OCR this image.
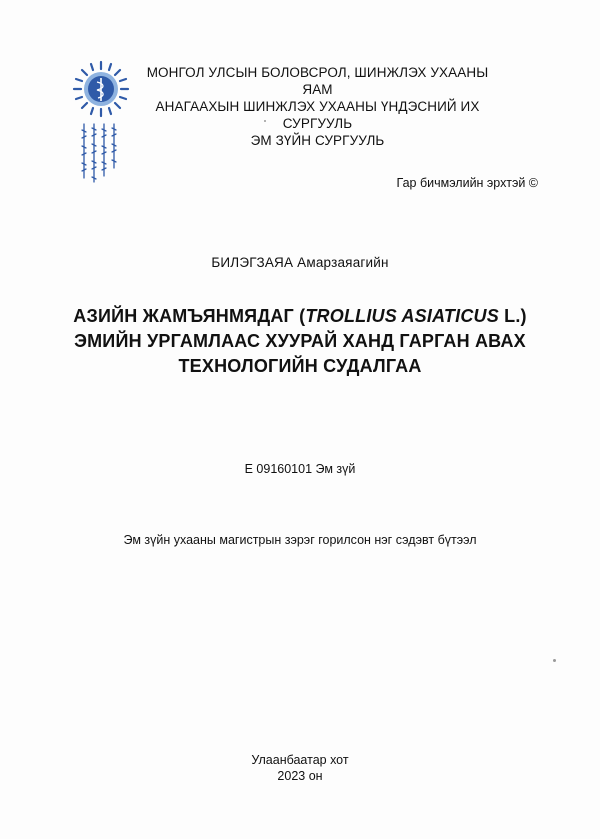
МОНГОЛ УЛСЫН БОЛОВСРОЛ, ШИНЖЛЭХ УХААНЫ ЯАМ
АНАГААХЫН ШИНЖЛЭХ УХААНЫ ҮНДЭСНИЙ ИХ СУРГУУЛЬ
ЭМ ЗҮЙН СУРГУУЛЬ
Гар бичмэлийн эрхтэй ©
БИЛЭГЗАЯА Амарзаяагийн
АЗИЙН ЖАМЪЯНМЯДАГ (TROLLIUS ASIATICUS L.) ЭМИЙН УРГАМЛААС ХУУРАЙ ХАНД ГАРГАН АВАХ ТЕХНОЛОГИЙН СУДАЛГАА
E 09160101 Эм зүй
Эм зүйн ухааны магистрын зэрэг горилсон нэг сэдэвт бүтээл
Улаанбаатар хот
2023 он
